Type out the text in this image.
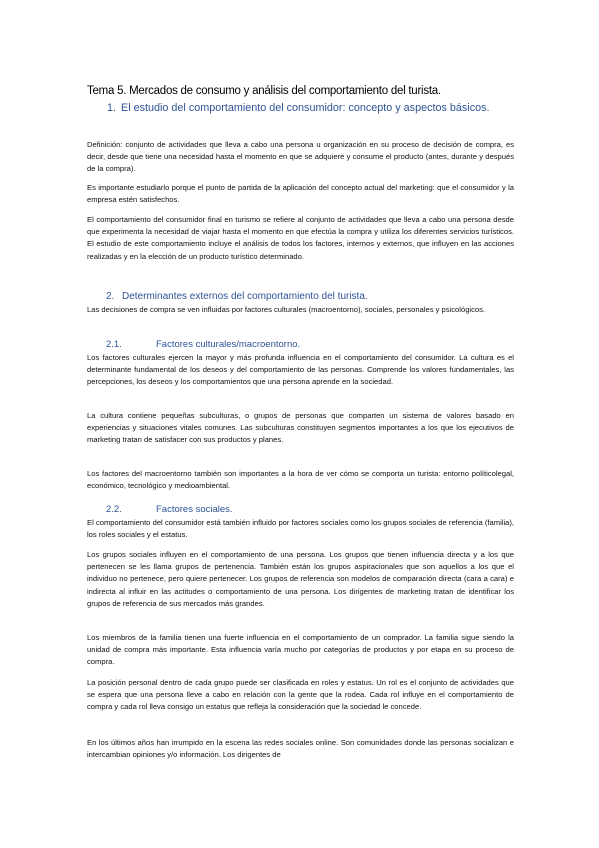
Tema 5. Mercados de consumo y análisis del comportamiento del turista.
1. El estudio del comportamiento del consumidor: concepto y aspectos básicos.
Definición: conjunto de actividades que lleva a cabo una persona u organización en su proceso de decisión de compra, es decir, desde que tiene una necesidad hasta el momento en que se adquiere y consume el producto (antes, durante y después de la compra).
Es importante estudiarlo porque el punto de partida de la aplicación del concepto actual del marketing: que el consumidor y la empresa estén satisfechos.
El comportamiento del consumidor final en turismo se refiere al conjunto de actividades que lleva a cabo una persona desde que experimenta la necesidad de viajar hasta el momento en que efectúa la compra y utiliza los diferentes servicios turísticos. El estudio de este comportamiento incluye el análisis de todos los factores, internos y externos, que influyen en las acciones realizadas y en la elección de un producto turístico determinado.
2. Determinantes externos del comportamiento del turista.
Las decisiones de compra se ven influidas por factores culturales (macroentorno), sociales, personales y psicológicos.
2.1.	Factores culturales/macroentorno.
Los factores culturales ejercen la mayor y más profunda influencia en el comportamiento del consumidor. La cultura es el determinante fundamental de los deseos y del comportamiento de las personas. Comprende los valores fundamentales, las percepciones, los deseos y los comportamientos que una persona aprende en la sociedad.
La cultura contiene pequeñas subculturas, o grupos de personas que comparten un sistema de valores basado en experiencias y situaciones vitales comunes. Las subculturas constituyen segmentos importantes a los que los ejecutivos de marketing tratan de satisfacer con sus productos y planes.
Los factores del macroentorno también son importantes a la hora de ver cómo se comporta un turista: entorno políticolegal, económico, tecnológico y medioambiental.
2.2.	Factores sociales.
El comportamiento del consumidor está también influido por factores sociales como los grupos sociales de referencia (familia), los roles sociales y el estatus.
Los grupos sociales influyen en el comportamiento de una persona. Los grupos que tienen influencia directa y a los que pertenecen se les llama grupos de pertenencia. También están los grupos aspiracionales que son aquellos a los que el individuo no pertenece, pero quiere pertenecer. Los grupos de referencia son modelos de comparación directa (cara a cara) e indirecta al influir en las actitudes o comportamiento de una persona. Los dirigentes de marketing tratan de identificar los grupos de referencia de sus mercados más grandes.
Los miembros de la familia tienen una fuerte influencia en el comportamiento de un comprador. La familia sigue siendo la unidad de compra más importante. Esta influencia varía mucho por categorías de productos y por etapa en su proceso de compra.
La posición personal dentro de cada grupo puede ser clasificada en roles y estatus. Un rol es el conjunto de actividades que se espera que una persona lleve a cabo en relación con la gente que la rodea. Cada rol influye en el comportamiento de compra y cada rol lleva consigo un estatus que refleja la consideración que la sociedad le concede.
En los últimos años han irrumpido en la escena las redes sociales online. Son comunidades donde las personas socializan e intercambian opiniones y/o información. Los dirigentes de
